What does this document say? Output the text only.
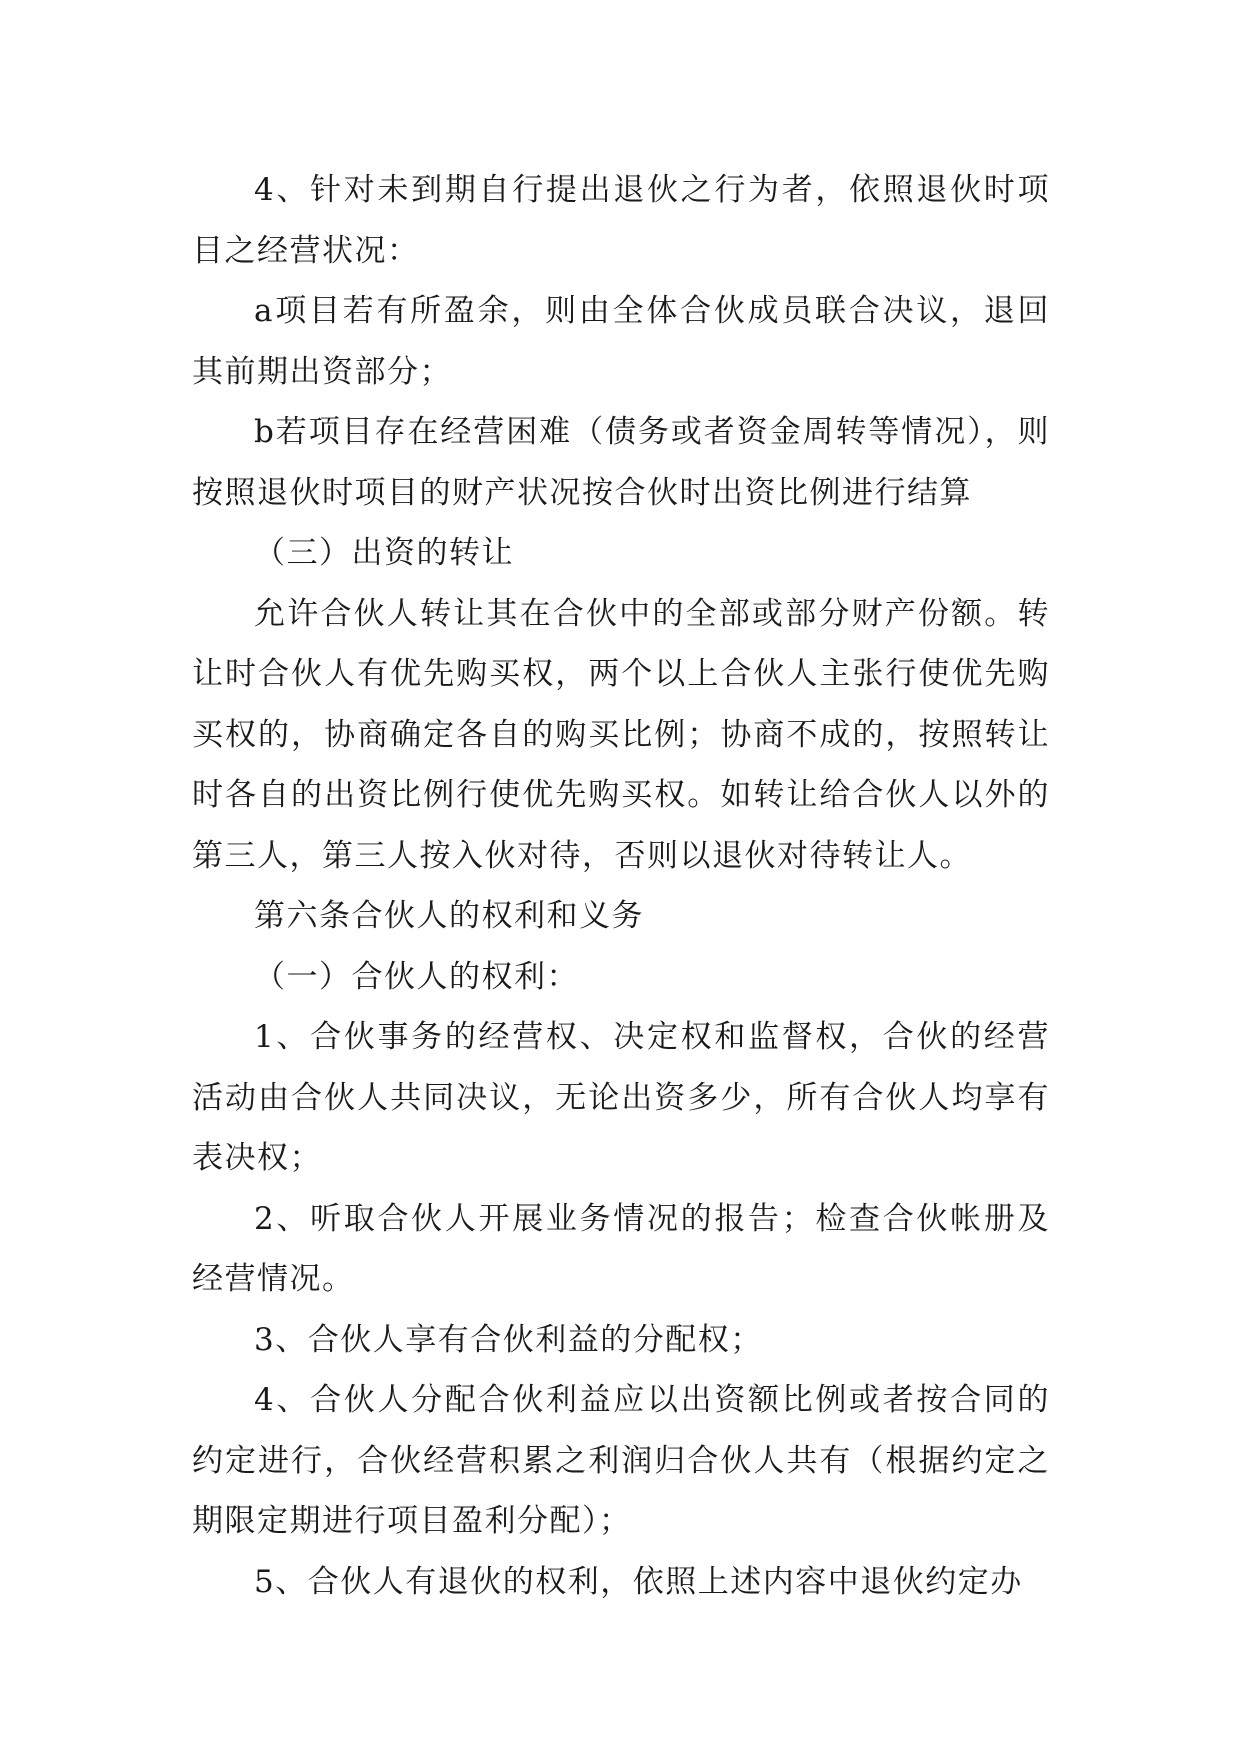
4、针对未到期自行提出退伙之行为者，依照退伙时项目之经营状况：

a项目若有所盈余，则由全体合伙成员联合决议，退回其前期出资部分；

b若项目存在经营困难（债务或者资金周转等情况），则按照退伙时项目的财产状况按合伙时出资比例进行结算

（三）出资的转让

允许合伙人转让其在合伙中的全部或部分财产份额。转让时合伙人有优先购买权，两个以上合伙人主张行使优先购买权的，协商确定各自的购买比例；协商不成的，按照转让时各自的出资比例行使优先购买权。如转让给合伙人以外的第三人，第三人按入伙对待，否则以退伙对待转让人。

第六条合伙人的权利和义务

（一）合伙人的权利：

1、合伙事务的经营权、决定权和监督权，合伙的经营活动由合伙人共同决议，无论出资多少，所有合伙人均享有表决权；

2、听取合伙人开展业务情况的报告；检查合伙帐册及经营情况。

3、合伙人享有合伙利益的分配权；

4、合伙人分配合伙利益应以出资额比例或者按合同的约定进行，合伙经营积累之利润归合伙人共有（根据约定之期限定期进行项目盈利分配）；

5、合伙人有退伙的权利，依照上述内容中退伙约定办
